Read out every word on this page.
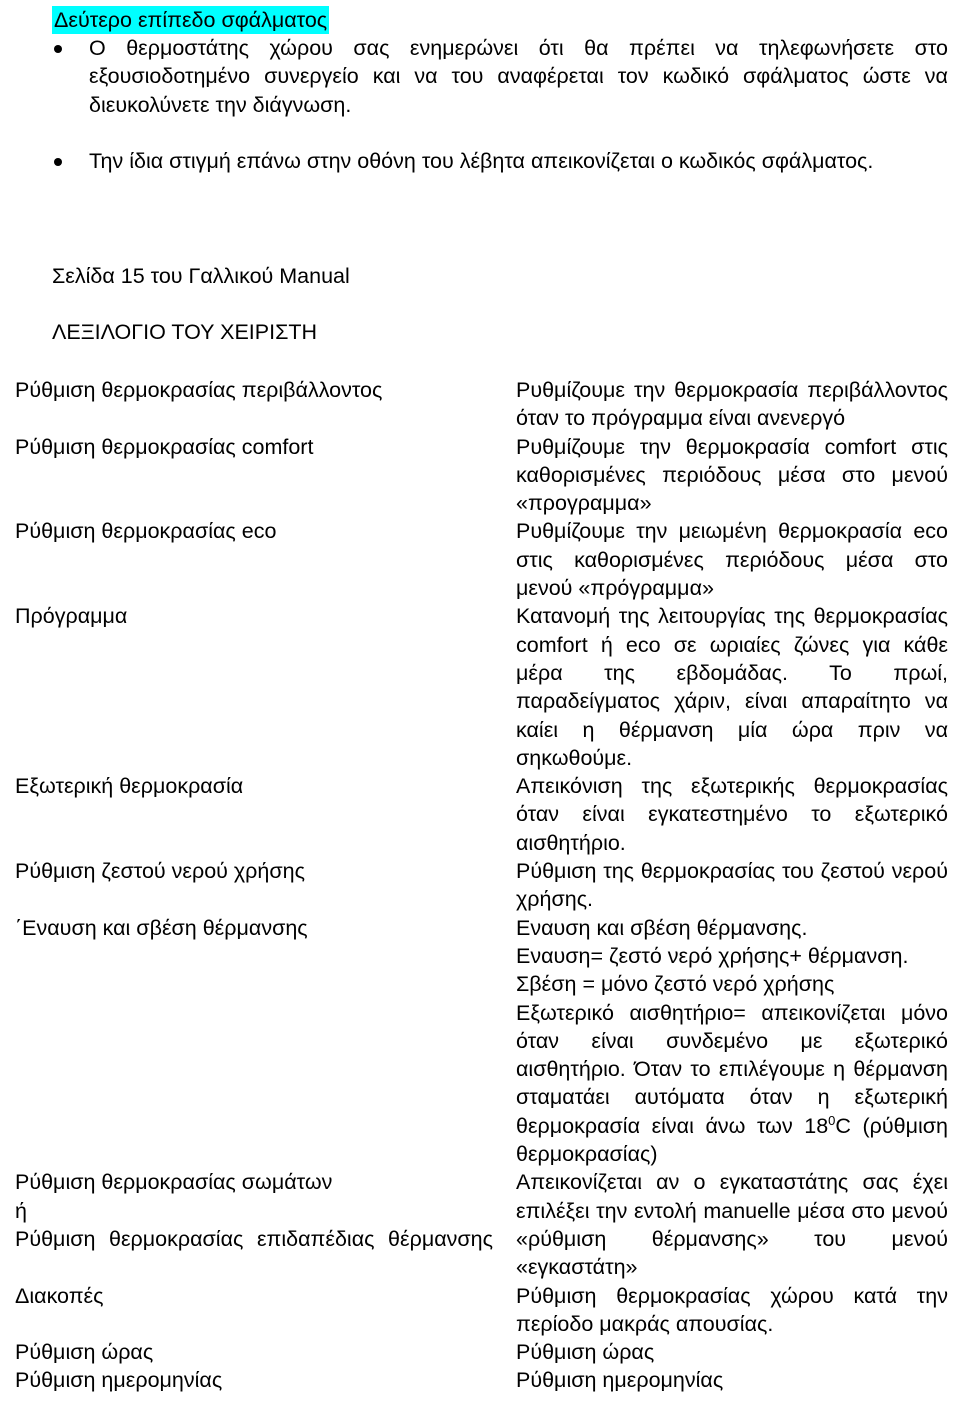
Δεύτερο επίπεδο σφάλματος
Ο θερμοστάτης χώρου σας ενημερώνει ότι θα πρέπει να τηλεφωνήσετε στο εξουσιοδοτημένο συνεργείο και να του αναφέρεται τον κωδικό σφάλματος ώστε να διευκολύνετε την διάγνωση.
Την ίδια στιγμή επάνω στην οθόνη του λέβητα απεικονίζεται ο κωδικός σφάλματος.
Σελίδα 15 του Γαλλικού Manual
ΛΕΞΙΛΟΓΙΟ ΤΟΥ ΧΕΙΡΙΣΤΗ
Ρύθμιση θερμοκρασίας περιβάλλοντος	Ρυθμίζουμε την θερμοκρασία περιβάλλοντος όταν το πρόγραμμα είναι ανενεργό
Ρύθμιση θερμοκρασίας comfort	Ρυθμίζουμε την θερμοκρασία comfort στις καθορισμένες περιόδους μέσα στο μενού «προγραμμα»
Ρύθμιση θερμοκρασίας eco	Ρυθμίζουμε την μειωμένη θερμοκρασία eco στις καθορισμένες περιόδους μέσα στο μενού «πρόγραμμα»
Πρόγραμμα	Κατανομή της λειτουργίας της θερμοκρασίας comfort ή eco σε ωριαίες ζώνες για κάθε μέρα της εβδομάδας. Το πρωί, παραδείγματος χάριν, είναι απαραίτητο να καίει η θέρμανση μία ώρα πριν να σηκωθούμε.
Εξωτερική θερμοκρασία	Απεικόνιση της εξωτερικής θερμοκρασίας όταν είναι εγκατεστημένο το εξωτερικό αισθητήριο.
Ρύθμιση ζεστού νερού χρήσης	Ρύθμιση της θερμοκρασίας του ζεστού νερού χρήσης.
΄Εναυση και σβέση θέρμανσης	Εναυση και σβέση θέρμανσης.
Εναυση= ζεστό νερό χρήσης+ θέρμανση.
Σβέση = μόνο ζεστό νερό χρήσης
Εξωτερικό αισθητήριο= απεικονίζεται μόνο όταν είναι συνδεμένο με εξωτερικό αισθητήριο. Όταν το επιλέγουμε η θέρμανση σταματάει αυτόματα όταν η εξωτερική θερμοκρασία είναι άνω των $18^0C$ (ρύθμιση θερμοκρασίας)

Ρύθμιση θερμοκρασίας σωμάτων
ή
Ρύθμιση θερμοκρασίας επιδαπέδιας θέρμανσης	Απεικονίζεται αν ο εγκαταστάτης σας έχει επιλέξει την εντολή manuelle μέσα στο μενού «ρύθμιση θέρμανσης» του μενού «εγκαστάτη»
Διακοπές	Ρύθμιση θερμοκρασίας χώρου κατά την περίοδο μακράς απουσίας.
Ρύθμιση ώρας	Ρύθμιση ώρας
Ρύθμιση ημερομηνίας	Ρύθμιση ημερομηνίας
